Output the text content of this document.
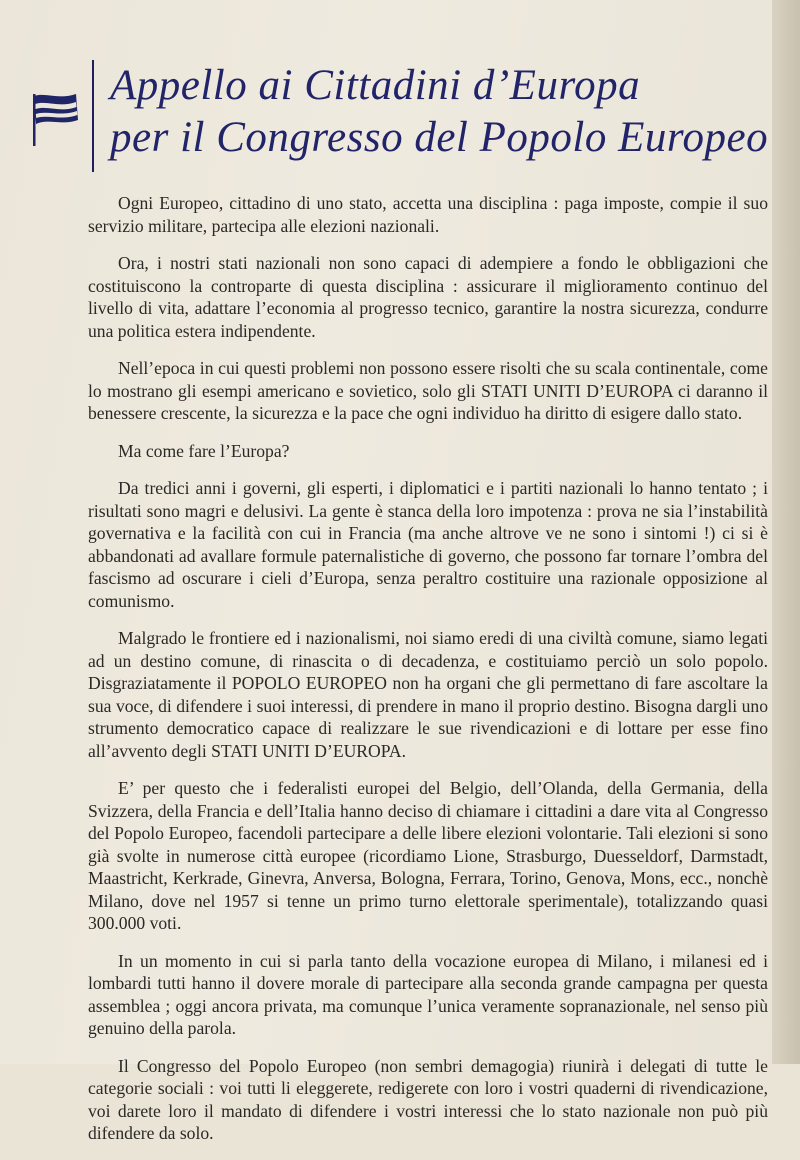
Appello ai Cittadini d’Europa
per il Congresso del Popolo Europeo

Ogni Europeo, cittadino di uno stato, accetta una disciplina : paga imposte, compie il suo servizio militare, partecipa alle elezioni nazionali.

Ora, i nostri stati nazionali non sono capaci di adempiere a fondo le obbligazioni che costituiscono la controparte di questa disciplina : assicurare il miglioramento continuo del livello di vita, adattare l’economia al progresso tecnico, garantire la nostra sicurezza, condurre una politica estera indipendente.

Nell’epoca in cui questi problemi non possono essere risolti che su scala continentale, come lo mostrano gli esempi americano e sovietico, solo gli STATI UNITI D’EUROPA ci daranno il benessere crescente, la sicurezza e la pace che ogni individuo ha diritto di esigere dallo stato.

Ma come fare l’Europa?

Da tredici anni i governi, gli esperti, i diplomatici e i partiti nazionali lo hanno tentato ; i risultati sono magri e delusivi. La gente è stanca della loro impotenza : prova ne sia l’instabilità governativa e la facilità con cui in Francia (ma anche altrove ve ne sono i sintomi !) ci si è abbandonati ad avallare formule paternalistiche di governo, che possono far tornare l’ombra del fascismo ad oscurare i cieli d’Europa, senza peraltro costituire una razionale opposizione al comunismo.

Malgrado le frontiere ed i nazionalismi, noi siamo eredi di una civiltà comune, siamo legati ad un destino comune, di rinascita o di decadenza, e costituiamo perciò un solo popolo. Disgraziatamente il POPOLO EUROPEO non ha organi che gli permettano di fare ascoltare la sua voce, di difendere i suoi interessi, di prendere in mano il proprio destino. Bisogna dargli uno strumento democratico capace di realizzare le sue rivendicazioni e di lottare per esse fino all’avvento degli STATI UNITI D’EUROPA.

E’ per questo che i federalisti europei del Belgio, dell’Olanda, della Germania, della Svizzera, della Francia e dell’Italia hanno deciso di chiamare i cittadini a dare vita al Congresso del Popolo Europeo, facendoli partecipare a delle libere elezioni volontarie. Tali elezioni si sono già svolte in numerose città europee (ricordiamo Lione, Strasburgo, Duesseldorf, Darmstadt, Maastricht, Kerkrade, Ginevra, Anversa, Bologna, Ferrara, Torino, Genova, Mons, ecc., nonchè Milano, dove nel 1957 si tenne un primo turno elettorale sperimentale), totalizzando quasi 300.000 voti.

In un momento in cui si parla tanto della vocazione europea di Milano, i milanesi ed i lombardi tutti hanno il dovere morale di partecipare alla seconda grande campagna per questa assemblea ; oggi ancora privata, ma comunque l’unica veramente sopranazionale, nel senso più genuino della parola.

Il Congresso del Popolo Europeo (non sembri demagogia) riunirà i delegati di tutte le categorie sociali : voi tutti li eleggerete, redigerete con loro i vostri quaderni di rivendicazione, voi darete loro il mandato di difendere i vostri interessi che lo stato nazionale non può più difendere da solo.
